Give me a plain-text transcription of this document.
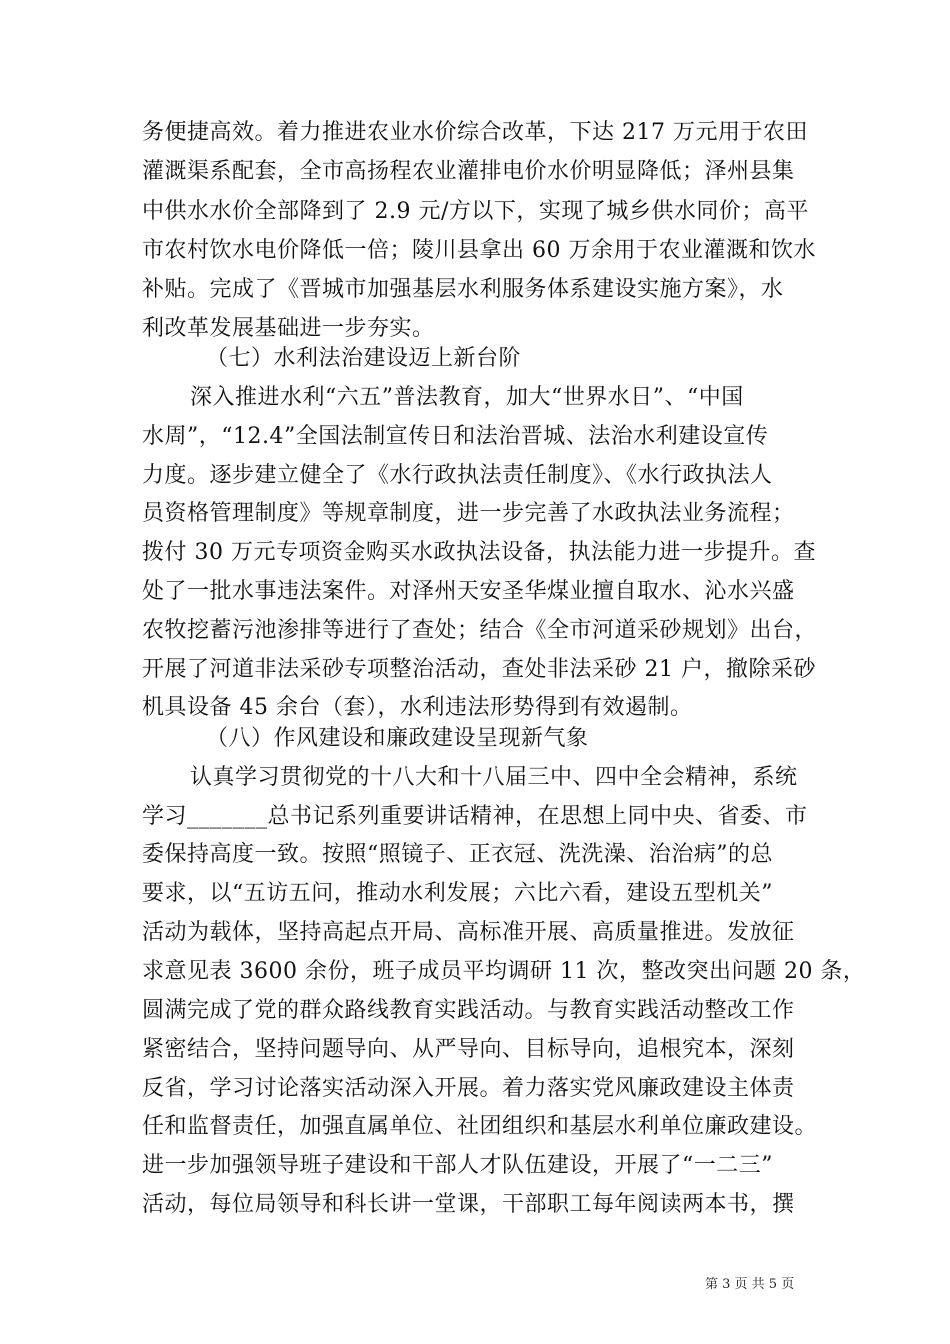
务便捷高效。着力推进农业水价综合改革，下达 217 万元用于农田
灌溉渠系配套，全市高扬程农业灌排电价水价明显降低；泽州县集
中供水水价全部降到了 2.9 元/方以下，实现了城乡供水同价；高平
市农村饮水电价降低一倍；陵川县拿出 60 万余用于农业灌溉和饮水
补贴。完成了《晋城市加强基层水利服务体系建设实施方案》，水
利改革发展基础进一步夯实。
（七）水利法治建设迈上新台阶
深入推进水利“六五”普法教育，加大“世界水日”、“中国
水周”，“12.4”全国法制宣传日和法治晋城、法治水利建设宣传
力度。逐步建立健全了《水行政执法责任制度》、《水行政执法人
员资格管理制度》等规章制度，进一步完善了水政执法业务流程；
拨付 30 万元专项资金购买水政执法设备，执法能力进一步提升。查
处了一批水事违法案件。对泽州天安圣华煤业擅自取水、沁水兴盛
农牧挖蓄污池渗排等进行了查处；结合《全市河道采砂规划》出台，
开展了河道非法采砂专项整治活动，查处非法采砂 21 户，撤除采砂
机具设备 45 余台（套），水利违法形势得到有效遏制。
（八）作风建设和廉政建设呈现新气象
认真学习贯彻党的十八大和十八届三中、四中全会精神，系统
学习_______总书记系列重要讲话精神，在思想上同中央、省委、市
委保持高度一致。按照“照镜子、正衣冠、洗洗澡、治治病”的总
要求，以“五访五问，推动水利发展；六比六看，建设五型机关”
活动为载体，坚持高起点开局、高标准开展、高质量推进。发放征
求意见表 3600 余份，班子成员平均调研 11 次，整改突出问题 20 条，
圆满完成了党的群众路线教育实践活动。与教育实践活动整改工作
紧密结合，坚持问题导向、从严导向、目标导向，追根究本，深刻
反省，学习讨论落实活动深入开展。着力落实党风廉政建设主体责
任和监督责任，加强直属单位、社团组织和基层水利单位廉政建设。
进一步加强领导班子建设和干部人才队伍建设，开展了“一二三”
活动，每位局领导和科长讲一堂课，干部职工每年阅读两本书，撰
第 3 页 共 5 页
